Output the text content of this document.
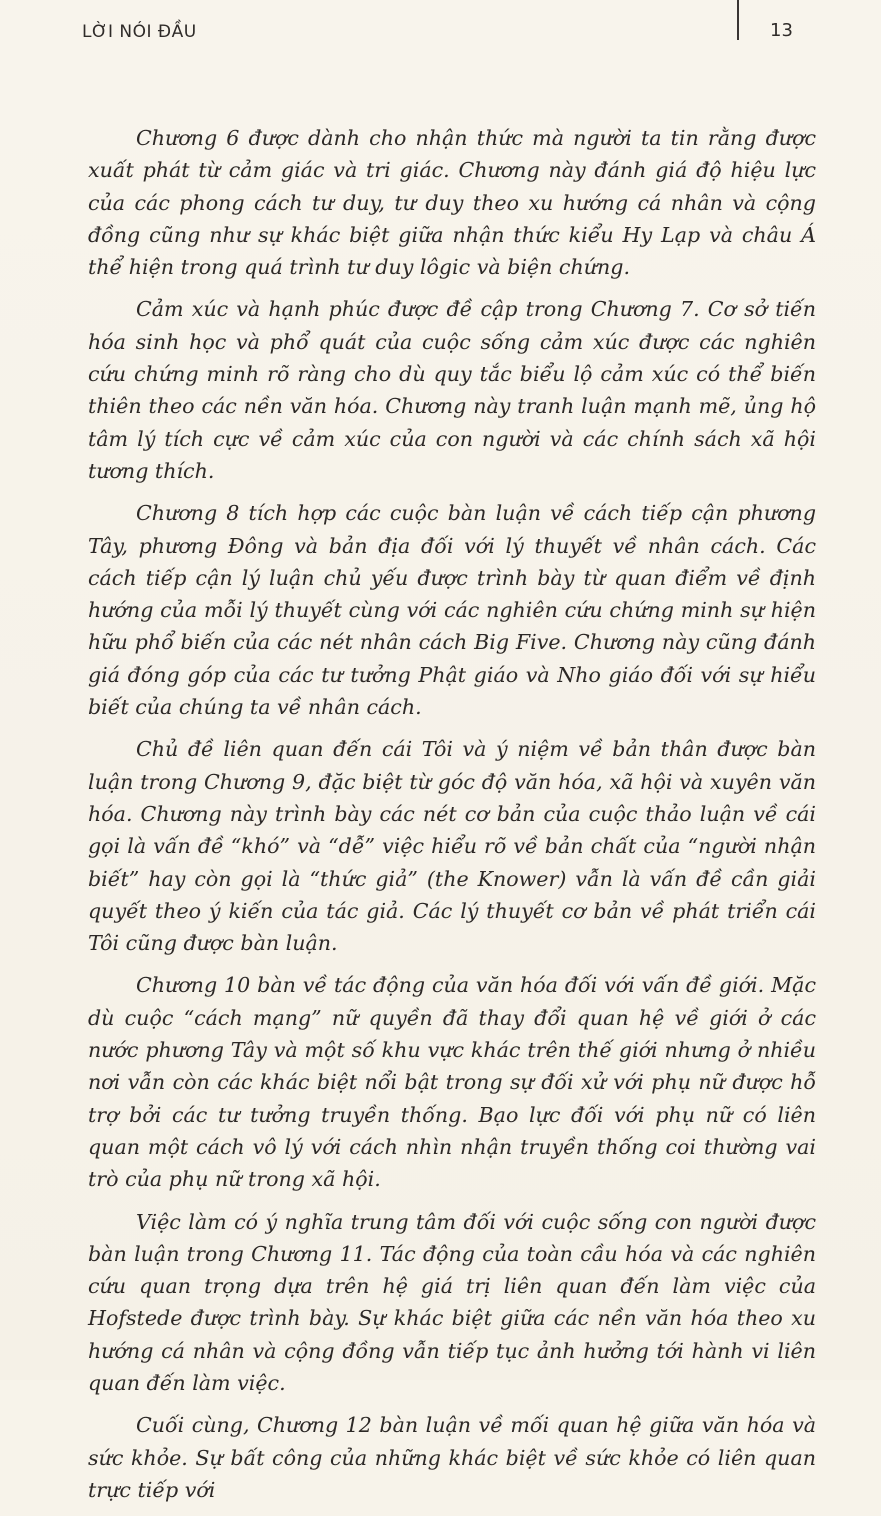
LỜI NÓI ĐẦU	13

Chương 6 được dành cho nhận thức mà người ta tin rằng được xuất phát từ cảm giác và tri giác. Chương này đánh giá độ hiệu lực của các phong cách tư duy, tư duy theo xu hướng cá nhân và cộng đồng cũng như sự khác biệt giữa nhận thức kiểu Hy Lạp và châu Á thể hiện trong quá trình tư duy lôgic và biện chứng.

Cảm xúc và hạnh phúc được đề cập trong Chương 7. Cơ sở tiến hóa sinh học và phổ quát của cuộc sống cảm xúc được các nghiên cứu chứng minh rõ ràng cho dù quy tắc biểu lộ cảm xúc có thể biến thiên theo các nền văn hóa. Chương này tranh luận mạnh mẽ, ủng hộ tâm lý tích cực về cảm xúc của con người và các chính sách xã hội tương thích.

Chương 8 tích hợp các cuộc bàn luận về cách tiếp cận phương Tây, phương Đông và bản địa đối với lý thuyết về nhân cách. Các cách tiếp cận lý luận chủ yếu được trình bày từ quan điểm về định hướng của mỗi lý thuyết cùng với các nghiên cứu chứng minh sự hiện hữu phổ biến của các nét nhân cách Big Five. Chương này cũng đánh giá đóng góp của các tư tưởng Phật giáo và Nho giáo đối với sự hiểu biết của chúng ta về nhân cách.

Chủ đề liên quan đến cái Tôi và ý niệm về bản thân được bàn luận trong Chương 9, đặc biệt từ góc độ văn hóa, xã hội và xuyên văn hóa. Chương này trình bày các nét cơ bản của cuộc thảo luận về cái gọi là vấn đề “khó” và “dễ” việc hiểu rõ về bản chất của “người nhận biết” hay còn gọi là “thức giả” (the Knower) vẫn là vấn đề cần giải quyết theo ý kiến của tác giả. Các lý thuyết cơ bản về phát triển cái Tôi cũng được bàn luận.

Chương 10 bàn về tác động của văn hóa đối với vấn đề giới. Mặc dù cuộc “cách mạng” nữ quyền đã thay đổi quan hệ về giới ở các nước phương Tây và một số khu vực khác trên thế giới nhưng ở nhiều nơi vẫn còn các khác biệt nổi bật trong sự đối xử với phụ nữ được hỗ trợ bởi các tư tưởng truyền thống. Bạo lực đối với phụ nữ có liên quan một cách vô lý với cách nhìn nhận truyền thống coi thường vai trò của phụ nữ trong xã hội.

Việc làm có ý nghĩa trung tâm đối với cuộc sống con người được bàn luận trong Chương 11. Tác động của toàn cầu hóa và các nghiên cứu quan trọng dựa trên hệ giá trị liên quan đến làm việc của Hofstede được trình bày. Sự khác biệt giữa các nền văn hóa theo xu hướng cá nhân và cộng đồng vẫn tiếp tục ảnh hưởng tới hành vi liên quan đến làm việc.

Cuối cùng, Chương 12 bàn luận về mối quan hệ giữa văn hóa và sức khỏe. Sự bất công của những khác biệt về sức khỏe có liên quan trực tiếp với
